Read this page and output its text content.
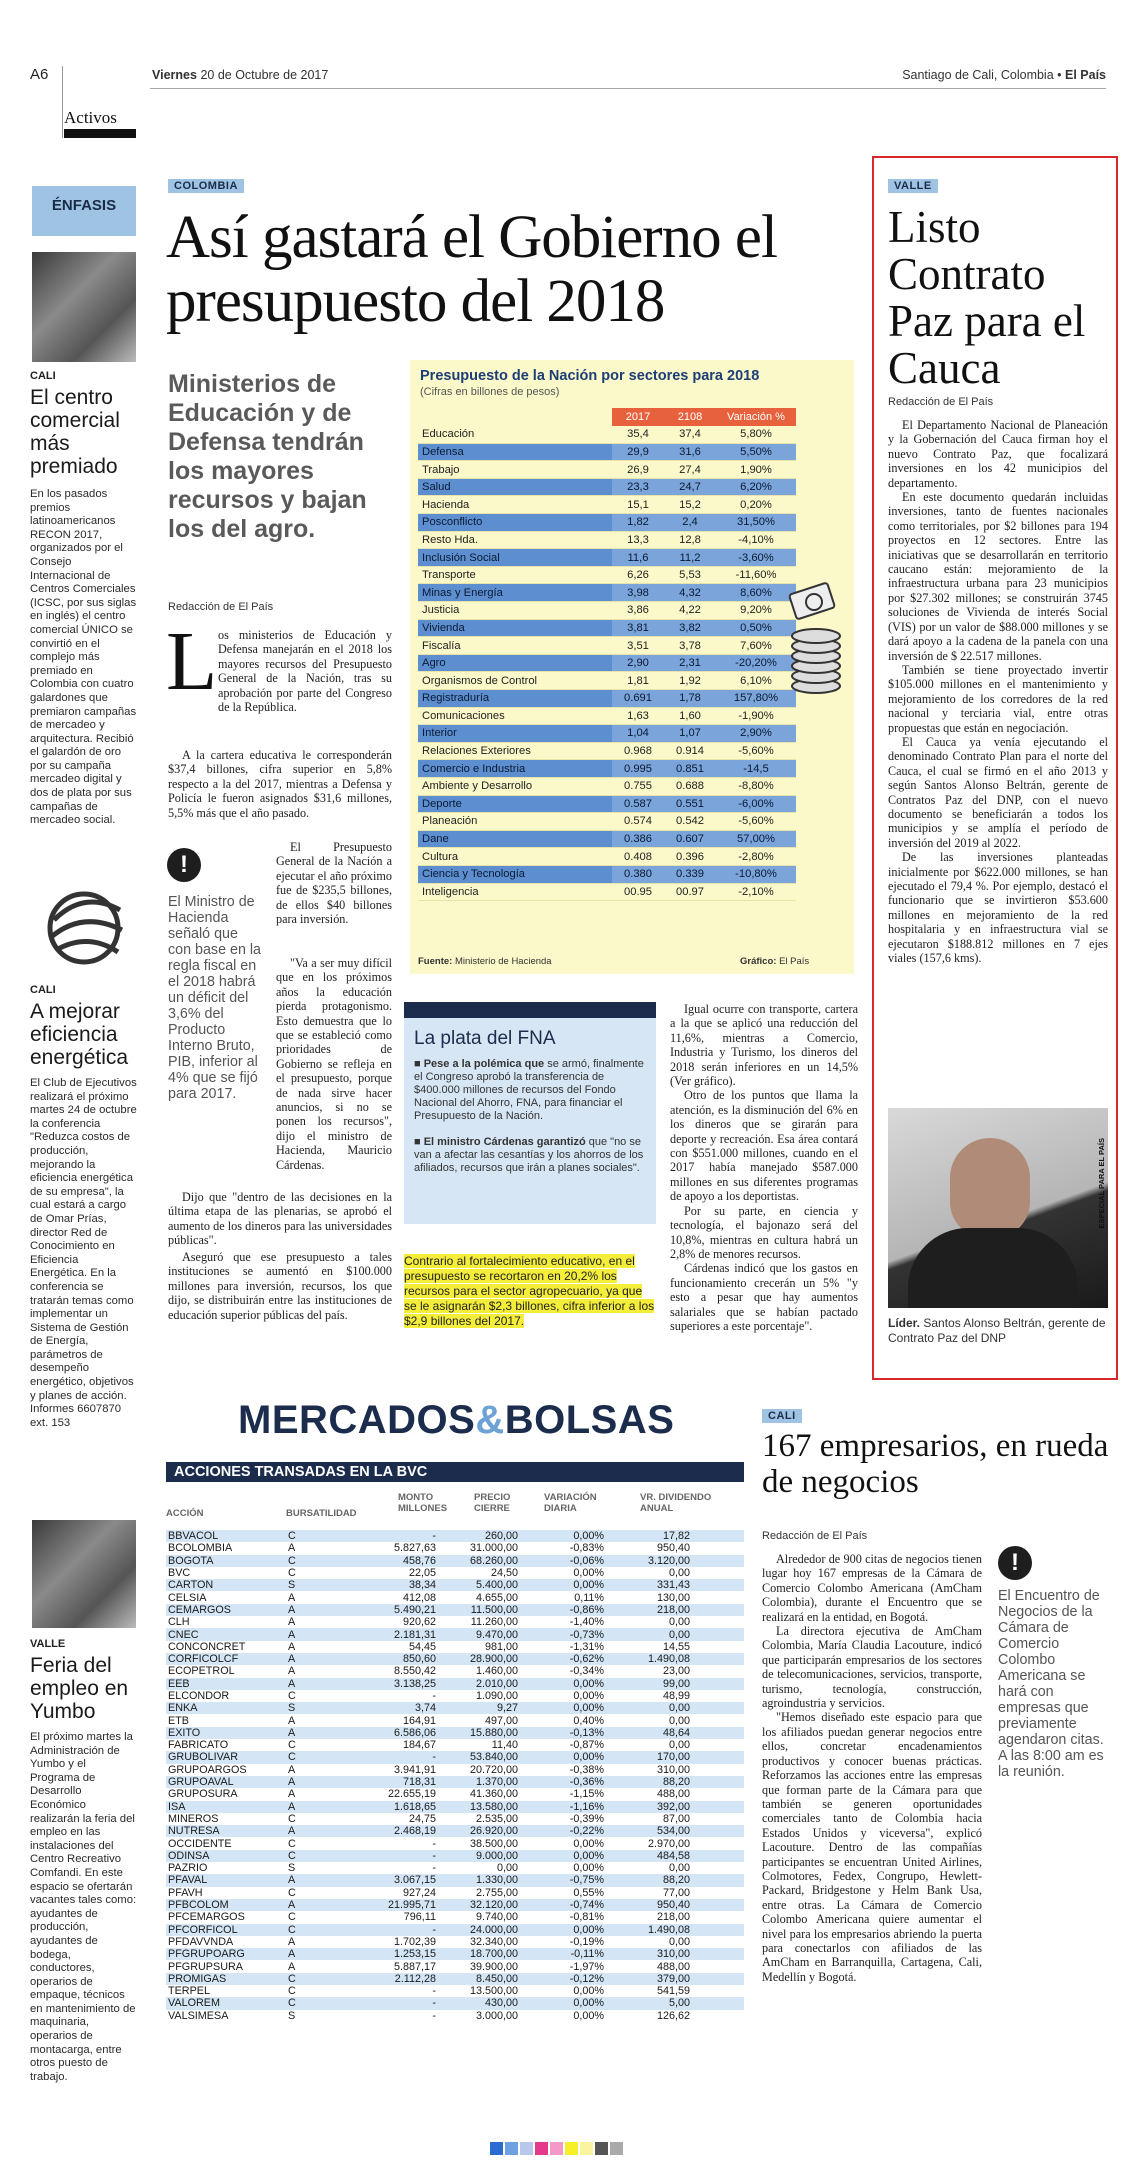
A6
Activos
Viernes 20 de Octubre de 2017	Santiago de Cali, Colombia • El País
ÉNFASIS
CALI
El centro comercial más premiado
En los pasados premios latinoamericanos RECON 2017, organizados por el Consejo Internacional de Centros Comerciales (ICSC, por sus siglas en inglés) el centro comercial ÚNICO se convirtió en el complejo más premiado en Colombia con cuatro galardones que premiaron campañas de mercadeo y arquitectura. Recibió el galardón de oro por su campaña mercadeo digital y dos de plata por sus campañas de mercadeo social.
CALI
A mejorar eficiencia energética
El Club de Ejecutivos realizará el próximo martes 24 de octubre la conferencia "Reduzca costos de producción, mejorando la eficiencia energética de su empresa", la cual estará a cargo de Omar Prías, director Red de Conocimiento en Eficiencia Energética. En la conferencia se tratarán temas como implementar un Sistema de Gestión de Energía, parámetros de desempeño energético, objetivos y planes de acción. Informes 6607870 ext. 153
VALLE
Feria del empleo en Yumbo
El próximo martes la Administración de Yumbo y el Programa de Desarrollo Económico realizarán la feria del empleo en las instalaciones del Centro Recreativo Comfandi. En este espacio se ofertarán vacantes tales como: ayudantes de producción, ayudantes de bodega, conductores, operarios de empaque, técnicos en mantenimiento de maquinaria, operarios de montacarga, entre otros puesto de trabajo.
COLOMBIA
Así gastará el Gobierno el presupuesto del 2018
Ministerios de Educación y de Defensa tendrán los mayores recursos y bajan los del agro.
Redacción de El País
L os ministerios de Educación y Defensa manejarán en el 2018 los mayores recursos del Presupuesto General de la Nación, tras su aprobación por parte del Congreso de la República.

A la cartera educativa le corresponderán $37,4 billones, cifra superior en 5,8% respecto a la del 2017, mientras a Defensa y Policía le fueron asignados $31,6 millones, 5,5% más que el año pasado.

!
El Ministro de Hacienda señaló que con base en la regla fiscal en el 2018 habrá un déficit del 3,6% del Producto Interno Bruto, PIB, inferior al 4% que se fijó para 2017.

El Presupuesto General de la Nación a ejecutar el año próximo fue de $235,5 billones, de ellos $40 billones para inversión.

"Va a ser muy difícil que en los próximos años la educación pierda protagonismo. Esto demuestra que lo que se estableció como prioridades de Gobierno se refleja en el presupuesto, porque de nada sirve hacer anuncios, si no se ponen los recursos", dijo el ministro de Hacienda, Mauricio Cárdenas.

Dijo que "dentro de las decisiones en la última etapa de las plenarias, se aprobó el aumento de los dineros para las universidades públicas".

Aseguró que ese presupuesto a tales instituciones se aumentó en $100.000 millones para inversión, recursos, los que dijo, se distribuirán entre las instituciones de educación superior públicas del país.

Presupuesto de la Nación por sectores para 2018
(Cifras en billones de pesos)
	2017	2108	Variación %
Educación	35,4	37,4	5,80%
Defensa	29,9	31,6	5,50%
Trabajo	26,9	27,4	1,90%
Salud	23,3	24,7	6,20%
Hacienda	15,1	15,2	0,20%
Posconflicto	1,82	2,4	31,50%
Resto Hda.	13,3	12,8	-4,10%
Inclusión Social	11,6	11,2	-3,60%
Transporte	6,26	5,53	-11,60%
Minas y Energía	3,98	4,32	8,60%
Justicia	3,86	4,22	9,20%
Vivienda	3,81	3,82	0,50%
Fiscalía	3,51	3,78	7,60%
Agro	2,90	2,31	-20,20%
Organismos de Control	1,81	1,92	6,10%
Registraduría	0.691	1,78	157,80%
Comunicaciones	1,63	1,60	-1,90%
Interior	1,04	1,07	2,90%
Relaciones Exteriores	0.968	0.914	-5,60%
Comercio e Industria	0.995	0.851	-14,5
Ambiente y Desarrollo	0.755	0.688	-8,80%
Deporte	0.587	0.551	-6,00%
Planeación	0.574	0.542	-5,60%
Dane	0.386	0.607	57,00%
Cultura	0.408	0.396	-2,80%
Ciencia y Tecnología	0.380	0.339	-10,80%
Inteligencia	00.95	00.97	-2,10%
Fuente: Ministerio de Hacienda	Gráfico: El País
La plata del FNA
■ Pese a la polémica que se armó, finalmente el Congreso aprobó la transferencia de $400.000 millones de recursos del Fondo Nacional del Ahorro, FNA, para financiar el Presupuesto de la Nación.
■ El ministro Cárdenas garantizó que "no se van a afectar las cesantías y los ahorros de los afiliados, recursos que irán a planes sociales".
Contrario al fortalecimiento educativo, en el presupuesto se recortaron en 20,2% los recursos para el sector agropecuario, ya que se le asignarán $2,3 billones, cifra inferior a los $2,9 billones del 2017.

Igual ocurre con transporte, cartera a la que se aplicó una reducción del 11,6%, mientras a Comercio, Industria y Turismo, los dineros del 2018 serán inferiores en un 14,5% (Ver gráfico).

Otro de los puntos que llama la atención, es la disminución del 6% en los dineros que se girarán para deporte y recreación. Esa área contará con $551.000 millones, cuando en el 2017 había manejado $587.000 millones en sus diferentes programas de apoyo a los deportistas.

Por su parte, en ciencia y tecnología, el bajonazo será del 10,8%, mientras en cultura habrá un 2,8% de menores recursos.

Cárdenas indicó que los gastos en funcionamiento crecerán un 5% "y esto a pesar que hay aumentos salariales que se habían pactado superiores a este porcentaje".

VALLE
Listo Contrato Paz para el Cauca
Redacción de El País

El Departamento Nacional de Planeación y la Gobernación del Cauca firman hoy el nuevo Contrato Paz, que focalizará inversiones en los 42 municipios del departamento.

En este documento quedarán incluidas inversiones, tanto de fuentes nacionales como territoriales, por $2 billones para 194 proyectos en 12 sectores. Entre las iniciativas que se desarrollarán en territorio caucano están: mejoramiento de la infraestructura urbana para 23 municipios por $27.302 millones; se construirán 3745 soluciones de Vivienda de interés Social (VIS) por un valor de $88.000 millones y se dará apoyo a la cadena de la panela con una inversión de $ 22.517 millones.

También se tiene proyectado invertir $105.000 millones en el mantenimiento y mejoramiento de los corredores de la red nacional y terciaria vial, entre otras propuestas que están en negociación.

El Cauca ya venía ejecutando el denominado Contrato Plan para el norte del Cauca, el cual se firmó en el año 2013 y según Santos Alonso Beltrán, gerente de Contratos Paz del DNP, con el nuevo documento se beneficiarán a todos los municipios y se amplía el período de inversión del 2019 al 2022.

De las inversiones planteadas inicialmente por $622.000 millones, se han ejecutado el 79,4 %. Por ejemplo, destacó el funcionario que se invirtieron $53.600 millones en mejoramiento de la red hospitalaria y en infraestructura vial se ejecutaron $188.812 millones en 7 ejes viales (157,6 kms).

ESPECIAL PARA EL PAÍS
Líder. Santos Alonso Beltrán, gerente de Contrato Paz del DNP
MERCADOS&BOLSAS
ACCIONES TRANSADAS EN LA BVC
ACCIÓN	BURSATILIDAD
MONTO MILLONES
PRECIO CIERRE
VARIACIÓN DIARIA
VR. DIVIDENDO ANUAL
BBVACOL	C	-	260,00	0,00%	17,82	
BCOLOMBIA	A	5.827,63	31.000,00	-0,83%	950,40	
BOGOTA	C	458,76	68.260,00	-0,06%	3.120,00	
BVC	C	22,05	24,50	0,00%	0,00	
CARTON	S	38,34	5.400,00	0,00%	331,43	
CELSIA	A	412,08	4.655,00	0,11%	130,00	
CEMARGOS	A	5.490,21	11.500,00	-0,86%	218,00	
CLH	A	920,62	11.260,00	-1,40%	0,00	
CNEC	A	2.181,31	9.470,00	-0,73%	0,00	
CONCONCRET	A	54,45	981,00	-1,31%	14,55	
CORFICOLCF	A	850,60	28.900,00	-0,62%	1.490,08	
ECOPETROL	A	8.550,42	1.460,00	-0,34%	23,00	
EEB	A	3.138,25	2.010,00	0,00%	99,00	
ELCONDOR	C	-	1.090,00	0,00%	48,99	
ENKA	S	3,74	9,27	0,00%	0,00	
ETB	A	164,91	497,00	0,40%	0,00	
EXITO	A	6.586,06	15.880,00	-0,13%	48,64	
FABRICATO	C	184,67	11,40	-0,87%	0,00	
GRUBOLIVAR	C	-	53.840,00	0,00%	170,00	
GRUPOARGOS	A	3.941,91	20.720,00	-0,38%	310,00	
GRUPOAVAL	A	718,31	1.370,00	-0,36%	88,20	
GRUPOSURA	A	22.655,19	41.360,00	-1,15%	488,00	
ISA	A	1.618,65	13.580,00	-1,16%	392,00	
MINEROS	C	24,75	2.535,00	-0,39%	87,00	
NUTRESA	A	2.468,19	26.920,00	-0,22%	534,00	
OCCIDENTE	C	-	38.500,00	0,00%	2.970,00	
ODINSA	C	-	9.000,00	0,00%	484,58	
PAZRIO	S	-	0,00	0,00%	0,00	
PFAVAL	A	3.067,15	1.330,00	-0,75%	88,20	
PFAVH	C	927,24	2.755,00	0,55%	77,00	
PFBCOLOM	A	21.995,71	32.120,00	-0,74%	950,40	
PFCEMARGOS	C	796,11	9.740,00	-0,81%	218,00	
PFCORFICOL	C	-	24.000,00	0,00%	1.490,08	
PFDAVVNDA	A	1.702,39	32.340,00	-0,19%	0,00	
PFGRUPOARG	A	1.253,15	18.700,00	-0,11%	310,00	
PFGRUPSURA	A	5.887,17	39.900,00	-1,97%	488,00	
PROMIGAS	C	2.112,28	8.450,00	-0,12%	379,00	
TERPEL	C	-	13.500,00	0,00%	541,59	
VALOREM	C	-	430,00	0,00%	5,00	
VALSIMESA	S	-	3.000,00	0,00%	126,62	
CALI
167 empresarios, en rueda de negocios
Redacción de El País

Alrededor de 900 citas de negocios tienen lugar hoy 167 empresas de la Cámara de Comercio Colombo Americana (AmCham Colombia), durante el Encuentro que se realizará en la entidad, en Bogotá.

La directora ejecutiva de AmCham Colombia, María Claudia Lacouture, indicó que participarán empresarios de los sectores de telecomunicaciones, servicios, transporte, turismo, tecnología, construcción, agroindustria y servicios.

"Hemos diseñado este espacio para que los afiliados puedan generar negocios entre ellos, concretar encadenamientos productivos y conocer buenas prácticas. Reforzamos las acciones entre las empresas que forman parte de la Cámara para que también se generen oportunidades comerciales tanto de Colombia hacia Estados Unidos y viceversa", explicó Lacouture. Dentro de las compañías participantes se encuentran United Airlines, Colmotores, Fedex, Congrupo, Hewlett-Packard, Bridgestone y Helm Bank Usa, entre otras. La Cámara de Comercio Colombo Americana quiere aumentar el nivel para los empresarios abriendo la puerta para conectarlos con afiliados de las AmCham en Barranquilla, Cartagena, Cali, Medellín y Bogotá.

!
El Encuentro de Negocios de la Cámara de Comercio Colombo Americana se hará con empresas que previamente agendaron citas. A las 8:00 am es la reunión.
